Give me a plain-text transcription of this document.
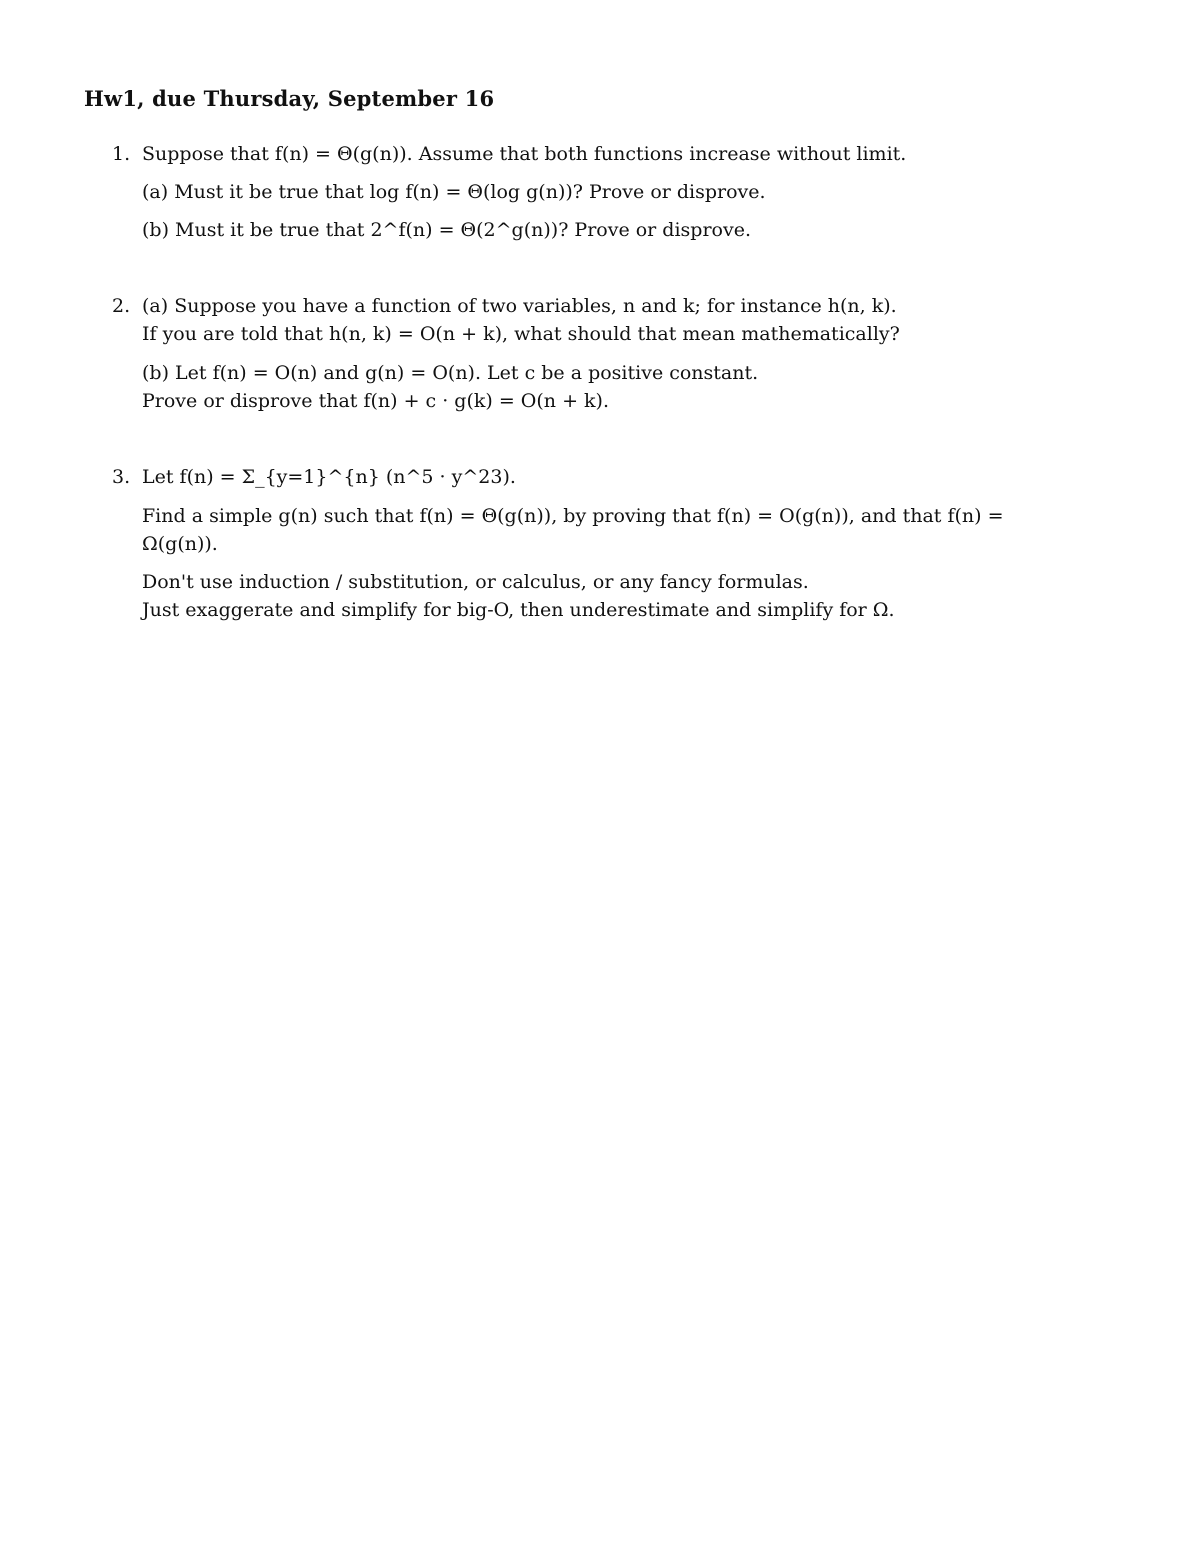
Hw1, due Thursday, September 16
1. Suppose that f(n) = Θ(g(n)). Assume that both functions increase without limit.
(a) Must it be true that log f(n) = Θ(log g(n))? Prove or disprove.
(b) Must it be true that 2^f(n) = Θ(2^g(n))? Prove or disprove.
2. (a) Suppose you have a function of two variables, n and k; for instance h(n, k).
If you are told that h(n, k) = O(n + k), what should that mean mathematically?
(b) Let f(n) = O(n) and g(n) = O(n). Let c be a positive constant.
Prove or disprove that f(n) + c · g(k) = O(n + k).
3. Let f(n) = Σ_{y=1}^{n} (n^5 · y^23).
Find a simple g(n) such that f(n) = Θ(g(n)), by proving that f(n) = O(g(n)), and that f(n) =
Ω(g(n)).
Don't use induction / substitution, or calculus, or any fancy formulas.
Just exaggerate and simplify for big-O, then underestimate and simplify for Ω.
